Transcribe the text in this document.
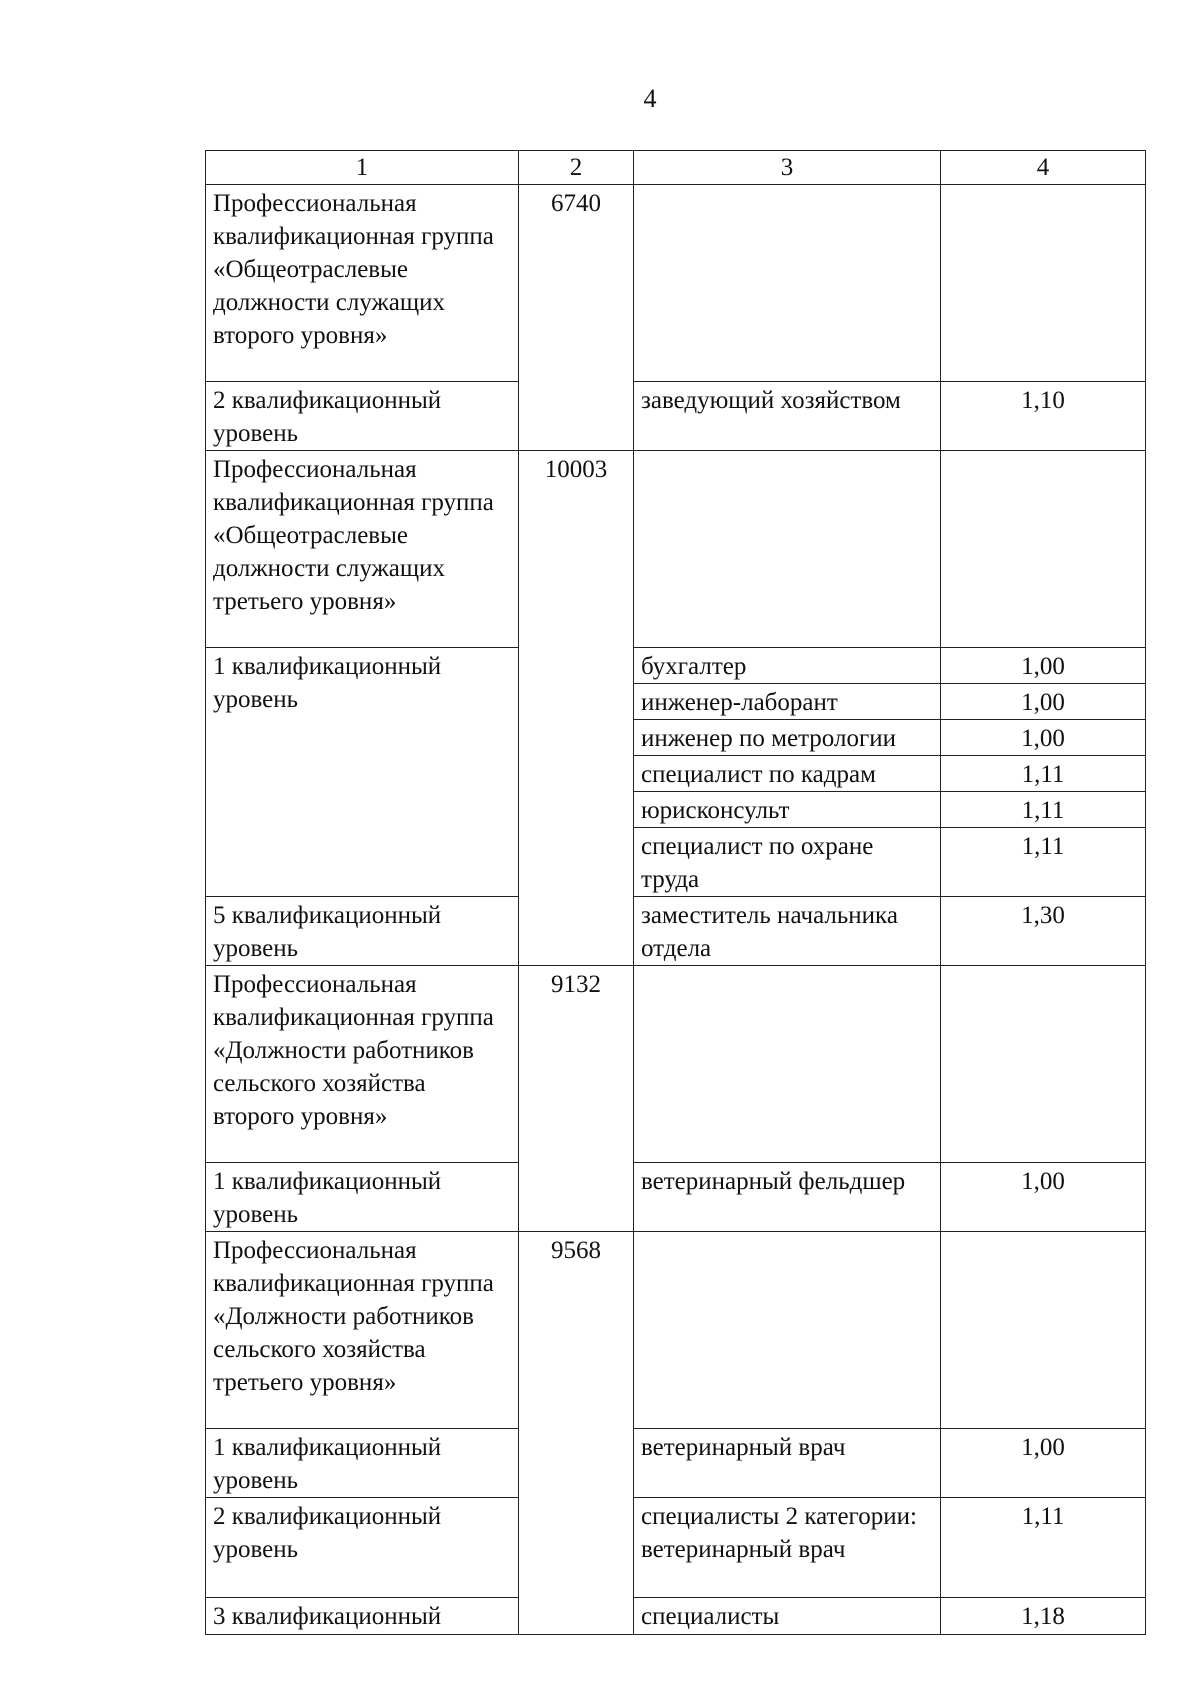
4
1	2	3	4
Профессиональная квалификационная группа «Общеотраслевые должности служащих второго уровня»	6740		
2 квалификационный уровень		заведующий хозяйством	1,10
Профессиональная квалификационная группа «Общеотраслевые должности служащих третьего уровня»	10003		
1 квалификационный уровень		бухгалтер	1,00
		инженер-лаборант	1,00
		инженер по метрологии	1,00
		специалист по кадрам	1,11
		юрисконсульт	1,11
		специалист по охране труда	1,11
5 квалификационный уровень		заместитель начальника отдела	1,30
Профессиональная квалификационная группа «Должности работников сельского хозяйства второго уровня»	9132		
1 квалификационный уровень		ветеринарный фельдшер	1,00
Профессиональная квалификационная группа «Должности работников сельского хозяйства третьего уровня»	9568		
1 квалификационный уровень		ветеринарный врач	1,00
2 квалификационный уровень		специалисты 2 категории: ветеринарный врач	1,11
3 квалификационный		специалисты	1,18
